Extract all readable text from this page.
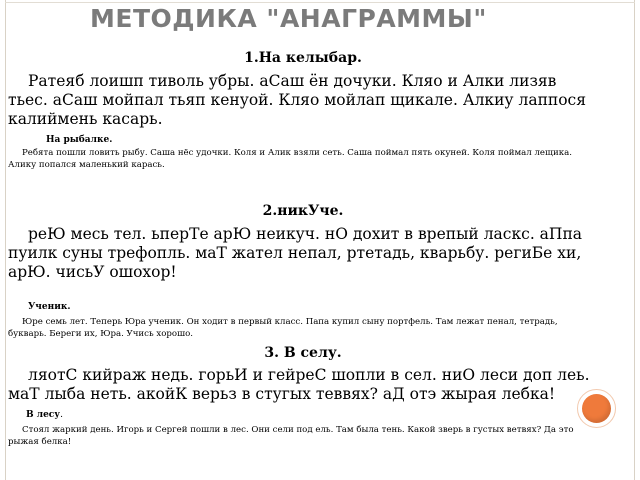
МЕТОДИКА "АНАГРАММЫ"

1.На келыбар.

Ратеяб лоишп тиволь убры. аСаш ён дочуки. Кляо и Алки лизяв тьес. аСаш мойпал тьяп кенуой. Кляо мойлап щикале. Алкиу лаппося калиймень касарь.

На рыбалке.

Ребята пошли ловить рыбу. Саша нёс удочки. Коля и Алик взяли сеть. Саша поймал пять окуней. Коля поймал лещика. Алику попался маленький карась.

2.никУче.

реЮ месь тел. ьперТе арЮ неикуч. нО дохит в врепый ласкс. аПпа пуилк суны трефопль. маТ жател непал, ртетадь, кварьбу. региБе хи, арЮ. чисьУ ошохор!

Ученик.

Юре семь лет. Теперь Юра ученик. Он ходит в первый класс. Папа купил сыну портфель. Там лежат пенал, тетрадь, букварь. Береги их, Юра. Учись хорошо.

3. В селу.

ляотС кийраж недь. горьИ и гейреС шопли в сел. ниО леси доп леь. маТ лыба неть. акойК верьз в стугых теввях? аД отэ жырая лебка!

В лесу.

Стоял жаркий день. Игорь и Сергей пошли в лес. Они сели под ель. Там была тень. Какой зверь в густых ветвях? Да это рыжая белка!
